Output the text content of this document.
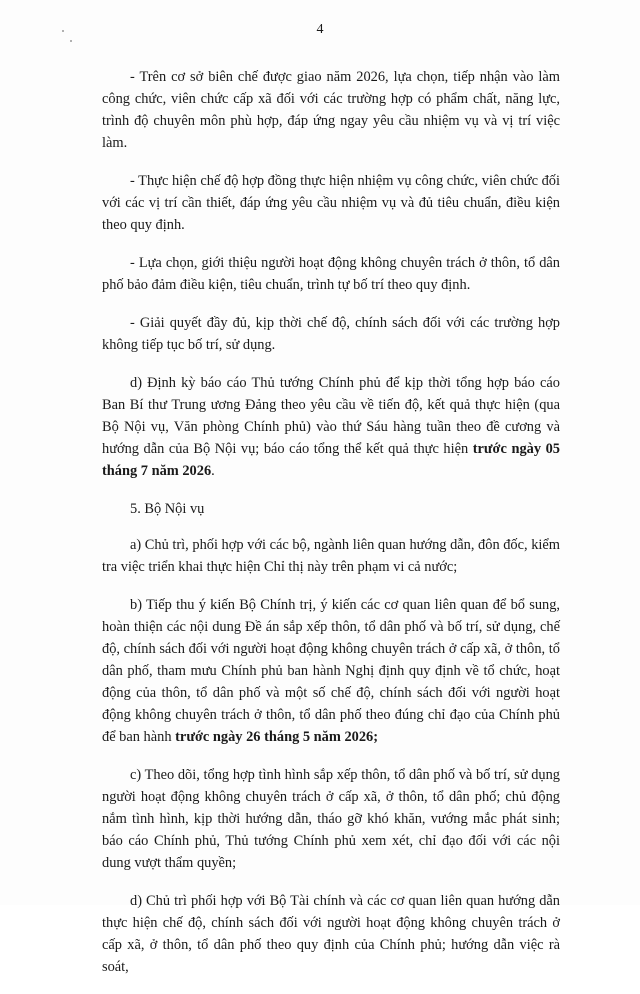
4

- Trên cơ sở biên chế được giao năm 2026, lựa chọn, tiếp nhận vào làm công chức, viên chức cấp xã đối với các trường hợp có phẩm chất, năng lực, trình độ chuyên môn phù hợp, đáp ứng ngay yêu cầu nhiệm vụ và vị trí việc làm.

- Thực hiện chế độ hợp đồng thực hiện nhiệm vụ công chức, viên chức đối với các vị trí cần thiết, đáp ứng yêu cầu nhiệm vụ và đủ tiêu chuẩn, điều kiện theo quy định.

- Lựa chọn, giới thiệu người hoạt động không chuyên trách ở thôn, tổ dân phố bảo đảm điều kiện, tiêu chuẩn, trình tự bố trí theo quy định.

- Giải quyết đầy đủ, kịp thời chế độ, chính sách đối với các trường hợp không tiếp tục bố trí, sử dụng.

d) Định kỳ báo cáo Thủ tướng Chính phủ để kịp thời tổng hợp báo cáo Ban Bí thư Trung ương Đảng theo yêu cầu về tiến độ, kết quả thực hiện (qua Bộ Nội vụ, Văn phòng Chính phủ) vào thứ Sáu hàng tuần theo đề cương và hướng dẫn của Bộ Nội vụ; báo cáo tổng thể kết quả thực hiện trước ngày 05 tháng 7 năm 2026.

5. Bộ Nội vụ

a) Chủ trì, phối hợp với các bộ, ngành liên quan hướng dẫn, đôn đốc, kiểm tra việc triển khai thực hiện Chỉ thị này trên phạm vi cả nước;

b) Tiếp thu ý kiến Bộ Chính trị, ý kiến các cơ quan liên quan để bổ sung, hoàn thiện các nội dung Đề án sắp xếp thôn, tổ dân phố và bố trí, sử dụng, chế độ, chính sách đối với người hoạt động không chuyên trách ở cấp xã, ở thôn, tổ dân phố, tham mưu Chính phủ ban hành Nghị định quy định về tổ chức, hoạt động của thôn, tổ dân phố và một số chế độ, chính sách đối với người hoạt động không chuyên trách ở thôn, tổ dân phố theo đúng chỉ đạo của Chính phủ để ban hành trước ngày 26 tháng 5 năm 2026;

c) Theo dõi, tổng hợp tình hình sắp xếp thôn, tổ dân phố và bố trí, sử dụng người hoạt động không chuyên trách ở cấp xã, ở thôn, tổ dân phố; chủ động nắm tình hình, kịp thời hướng dẫn, tháo gỡ khó khăn, vướng mắc phát sinh; báo cáo Chính phủ, Thủ tướng Chính phủ xem xét, chỉ đạo đối với các nội dung vượt thẩm quyền;

d) Chủ trì phối hợp với Bộ Tài chính và các cơ quan liên quan hướng dẫn thực hiện chế độ, chính sách đối với người hoạt động không chuyên trách ở cấp xã, ở thôn, tổ dân phố theo quy định của Chính phủ; hướng dẫn việc rà soát,
